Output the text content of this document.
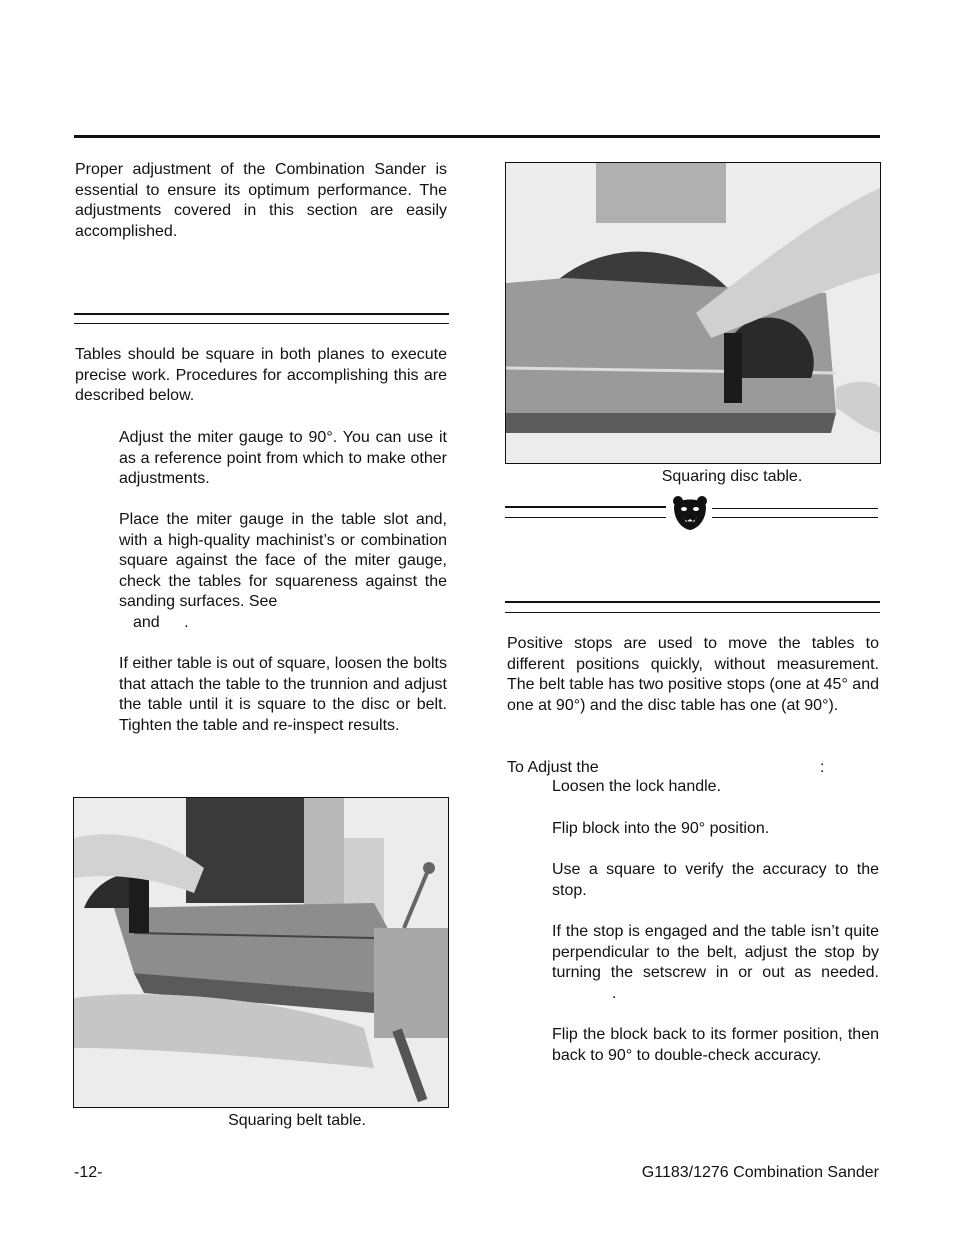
Proper adjustment of the Combination Sander is essential to ensure its optimum performance. The adjustments covered in this section are easily accomplished.

Tables should be square in both planes to execute precise work. Procedures for accomplishing this are described below.

Adjust the miter gauge to 90°. You can use it as a reference point from which to make other adjustments.

Place the miter gauge in the table slot and, with a high-quality machinist’s or combination square against the face of the miter gauge, check the tables for squareness against the sanding surfaces. See
and .

If either table is out of square, loosen the bolts that attach the table to the trunnion and adjust the table until it is square to the disc or belt. Tighten the table and re-inspect results.

Squaring belt table.
Squaring disc table.

Positive stops are used to move the tables to different positions quickly, without measurement. The belt table has two positive stops (one at 45° and one at 90°) and the disc table has one (at 90°).

To Adjust the	:

Loosen the lock handle.

Flip block into the 90° position.

Use a square to verify the accuracy to the stop.

If the stop is engaged and the table isn’t quite perpendicular to the belt, adjust the stop by turning the setscrew in or out as needed. .

Flip the block back to its former position, then back to 90° to double-check accuracy.

-12-	G1183/1276 Combination Sander
